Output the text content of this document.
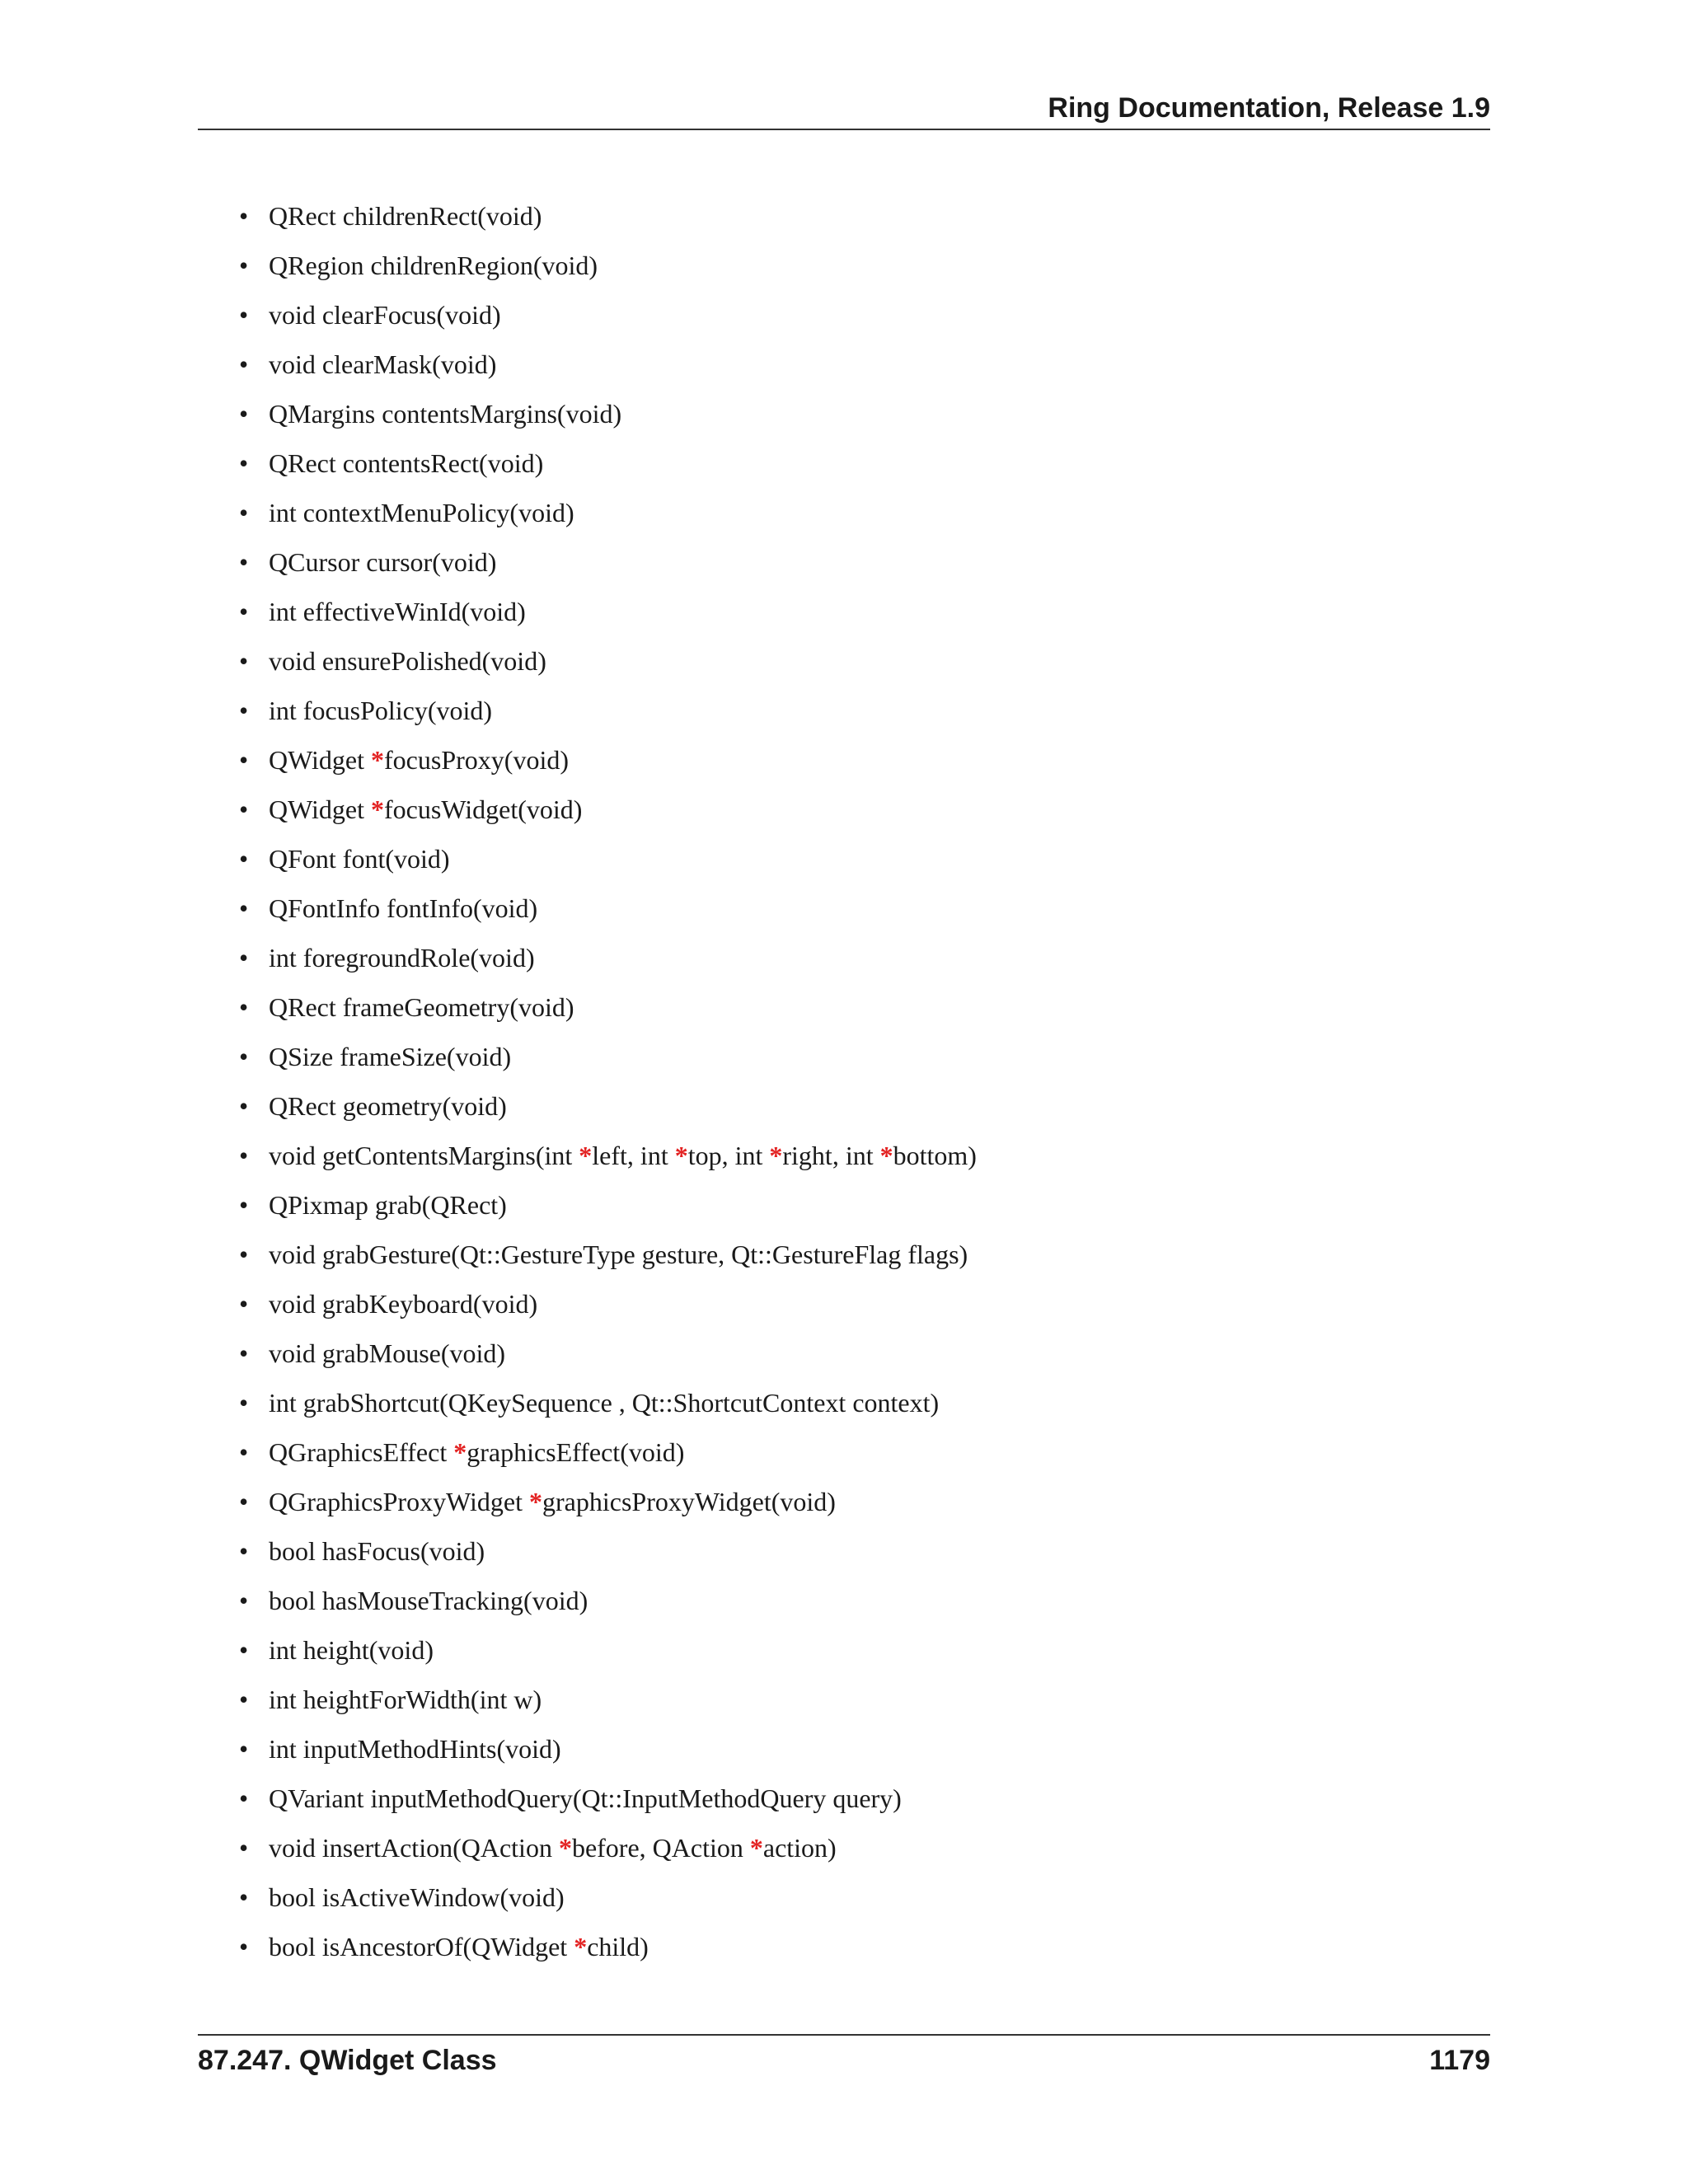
Ring Documentation, Release 1.9
• QRect childrenRect(void)
• QRegion childrenRegion(void)
• void clearFocus(void)
• void clearMask(void)
• QMargins contentsMargins(void)
• QRect contentsRect(void)
• int contextMenuPolicy(void)
• QCursor cursor(void)
• int effectiveWinId(void)
• void ensurePolished(void)
• int focusPolicy(void)
• QWidget *focusProxy(void)
• QWidget *focusWidget(void)
• QFont font(void)
• QFontInfo fontInfo(void)
• int foregroundRole(void)
• QRect frameGeometry(void)
• QSize frameSize(void)
• QRect geometry(void)
• void getContentsMargins(int *left, int *top, int *right, int *bottom)
• QPixmap grab(QRect)
• void grabGesture(Qt::GestureType gesture, Qt::GestureFlag flags)
• void grabKeyboard(void)
• void grabMouse(void)
• int grabShortcut(QKeySequence , Qt::ShortcutContext context)
• QGraphicsEffect *graphicsEffect(void)
• QGraphicsProxyWidget *graphicsProxyWidget(void)
• bool hasFocus(void)
• bool hasMouseTracking(void)
• int height(void)
• int heightForWidth(int w)
• int inputMethodHints(void)
• QVariant inputMethodQuery(Qt::InputMethodQuery query)
• void insertAction(QAction *before, QAction *action)
• bool isActiveWindow(void)
• bool isAncestorOf(QWidget *child)
87.247. QWidget Class	1179
